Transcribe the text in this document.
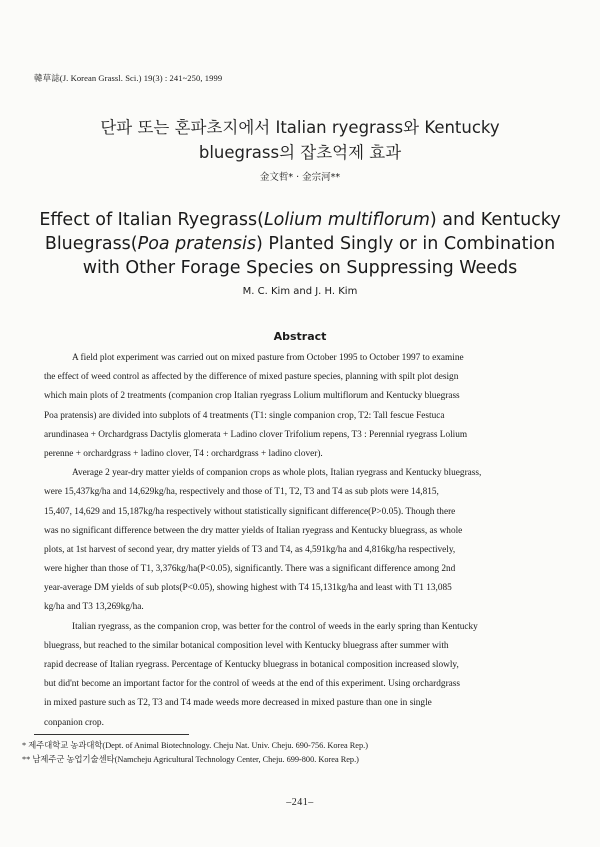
韓草誌(J. Korean Grassl. Sci.) 19(3) : 241~250, 1999
단파 또는 혼파초지에서 Italian ryegrass와 Kentucky
bluegrass의 잡초억제 효과
金文哲* · 金宗河**
Effect of Italian Ryegrass(Lolium multiflorum) and Kentucky
Bluegrass(Poa pratensis) Planted Singly or in Combination
with Other Forage Species on Suppressing Weeds
M. C. Kim and J. H. Kim
Abstract
A field plot experiment was carried out on mixed pasture from October 1995 to October 1997 to examine
the effect of weed control as affected by the difference of mixed pasture species, planning with spilt plot design
which main plots of 2 treatments (companion crop Italian ryegrass Lolium multiflorum and Kentucky bluegrass
Poa pratensis) are divided into subplots of 4 treatments (T1: single companion crop, T2: Tall fescue Festuca
arundinasea + Orchardgrass Dactylis glomerata + Ladino clover Trifolium repens, T3 : Perennial ryegrass Lolium
perenne + orchardgrass + ladino clover, T4 : orchardgrass + ladino clover).
Average 2 year-dry matter yields of companion crops as whole plots, Italian ryegrass and Kentucky bluegrass,
were 15,437kg/ha and 14,629kg/ha, respectively and those of T1, T2, T3 and T4 as sub plots were 14,815,
15,407, 14,629 and 15,187kg/ha respectively without statistically significant difference(P>0.05). Though there
was no significant difference between the dry matter yields of Italian ryegrass and Kentucky bluegrass, as whole
plots, at 1st harvest of second year, dry matter yields of T3 and T4, as 4,591kg/ha and 4,816kg/ha respectively,
were higher than those of T1, 3,376kg/ha(P<0.05), significantly. There was a significant difference among 2nd
year-average DM yields of sub plots(P<0.05), showing highest with T4 15,131kg/ha and least with T1 13,085
kg/ha and T3 13,269kg/ha.
Italian ryegrass, as the companion crop, was better for the control of weeds in the early spring than Kentucky
bluegrass, but reached to the similar botanical composition level with Kentucky bluegrass after summer with
rapid decrease of Italian ryegrass. Percentage of Kentucky bluegrass in botanical composition increased slowly,
but did'nt become an important factor for the control of weeds at the end of this experiment. Using orchardgrass
in mixed pasture such as T2, T3 and T4 made weeds more decreased in mixed pasture than one in single
conpanion crop.
* 제주대학교 농과대학(Dept. of Animal Biotechnology. Cheju Nat. Univ. Cheju. 690-756. Korea Rep.)
** 남제주군 농업기술센타(Namcheju Agricultural Technology Center, Cheju. 699-800. Korea Rep.)
–241–
